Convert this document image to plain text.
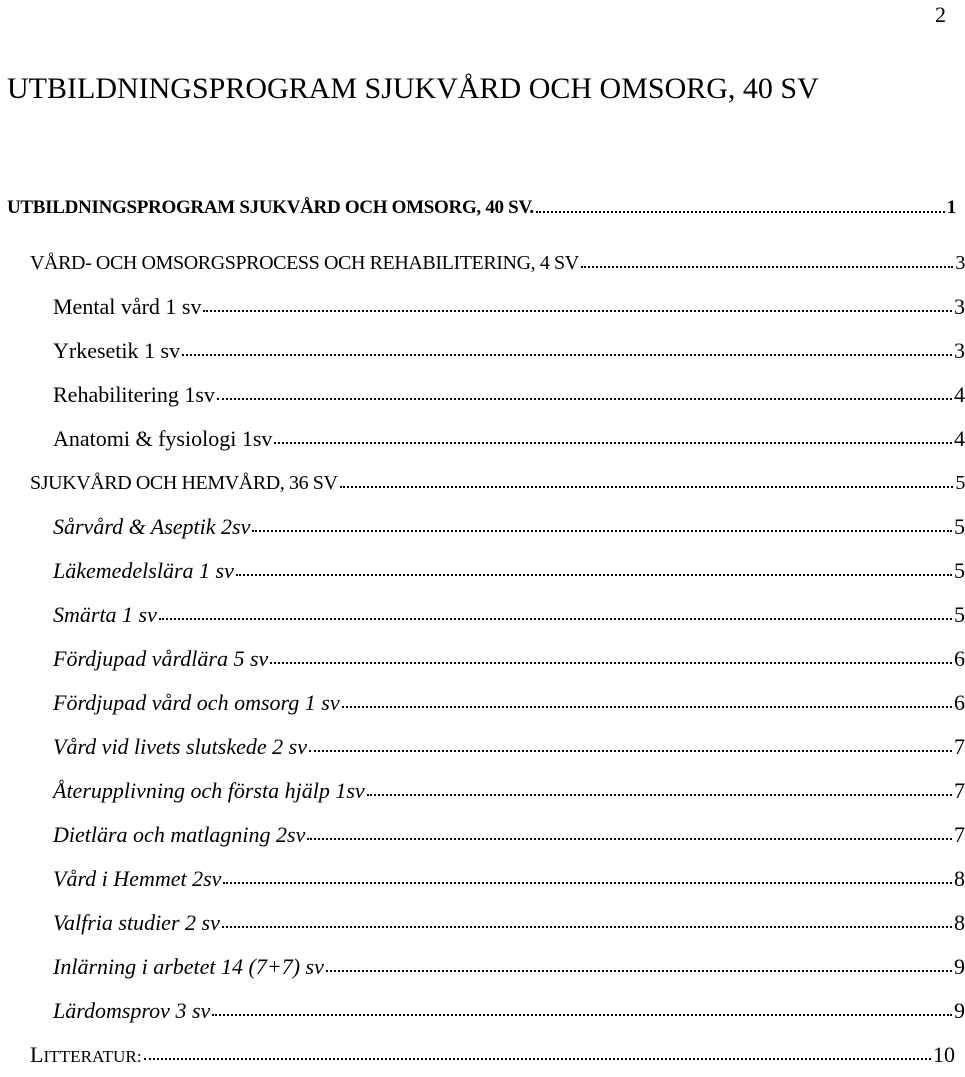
2
UTBILDNINGSPROGRAM SJUKVÅRD OCH OMSORG, 40 SV
UTBILDNINGSPROGRAM SJUKVÅRD OCH OMSORG, 40 SV.	1
VÅRD- OCH OMSORGSPROCESS OCH REHABILITERING, 4 SV	3
Mental vård 1 sv	3
Yrkesetik 1 sv	3
Rehabilitering 1sv	4
Anatomi & fysiologi 1sv	4
SJUKVÅRD OCH HEMVÅRD, 36 SV	5
Sårvård & Aseptik 2sv	5
Läkemedelslära 1 sv	5
Smärta 1 sv	5
Fördjupad vårdlära 5 sv	6
Fördjupad vård och omsorg 1 sv	6
Vård vid livets slutskede 2 sv	7
Återupplivning och första hjälp 1sv	7
Dietlära och matlagning 2sv	7
Vård i Hemmet 2sv	8
Valfria studier 2 sv	8
Inlärning i arbetet 14 (7+7) sv	9
Lärdomsprov 3 sv	9
LITTERATUR:	10
